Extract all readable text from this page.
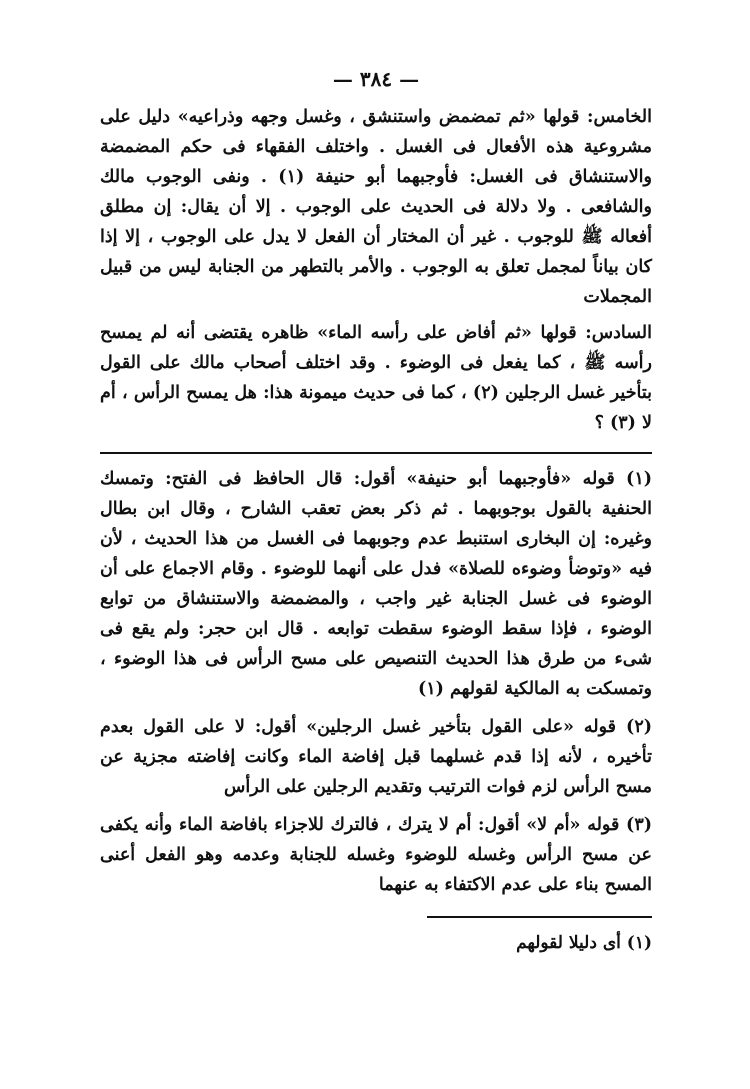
— ٣٨٤ —

الخامس: قولها «ثم تمضمض واستنشق ، وغسل وجهه وذراعيه» دليل على مشروعية هذه الأفعال فى الغسل . واختلف الفقهاء فى حكم المضمضة والاستنشاق فى الغسل: فأوجبهما أبو حنيفة (١) . ونفى الوجوب مالك والشافعى . ولا دلالة فى الحديث على الوجوب . إلا أن يقال: إن مطلق أفعاله ﷺ للوجوب . غير أن المختار أن الفعل لا يدل على الوجوب ، إلا إذا كان بياناً لمجمل تعلق به الوجوب . والأمر بالتطهر من الجنابة ليس من قبيل المجملات

السادس: قولها «ثم أفاض على رأسه الماء» ظاهره يقتضى أنه لم يمسح رأسه ﷺ ، كما يفعل فى الوضوء . وقد اختلف أصحاب مالك على القول بتأخير غسل الرجلين (٢) ، كما فى حديث ميمونة هذا: هل يمسح الرأس ، أم لا (٣) ؟

(١) قوله «فأوجبهما أبو حنيفة» أقول: قال الحافظ فى الفتح: وتمسك الحنفية بالقول بوجوبهما . ثم ذكر بعض تعقب الشارح ، وقال ابن بطال وغيره: إن البخارى استنبط عدم وجوبهما فى الغسل من هذا الحديث ، لأن فيه «وتوضأ وضوءه للصلاة» فدل على أنهما للوضوء . وقام الاجماع على أن الوضوء فى غسل الجنابة غير واجب ، والمضمضة والاستنشاق من توابع الوضوء ، فإذا سقط الوضوء سقطت توابعه . قال ابن حجر: ولم يقع فى شىء من طرق هذا الحديث التنصيص على مسح الرأس فى هذا الوضوء ، وتمسكت به المالكية لقولهم (١)

(٢) قوله «على القول بتأخير غسل الرجلين» أقول: لا على القول بعدم تأخيره ، لأنه إذا قدم غسلهما قبل إفاضة الماء وكانت إفاضته مجزية عن مسح الرأس لزم فوات الترتيب وتقديم الرجلين على الرأس

(٣) قوله «أم لا» أقول: أم لا يترك ، فالترك للاجزاء بافاضة الماء وأنه يكفى عن مسح الرأس وغسله للوضوء وغسله للجنابة وعدمه وهو الفعل أعنى المسح بناء على عدم الاكتفاء به عنهما

(١) أى دليلا لقولهم
